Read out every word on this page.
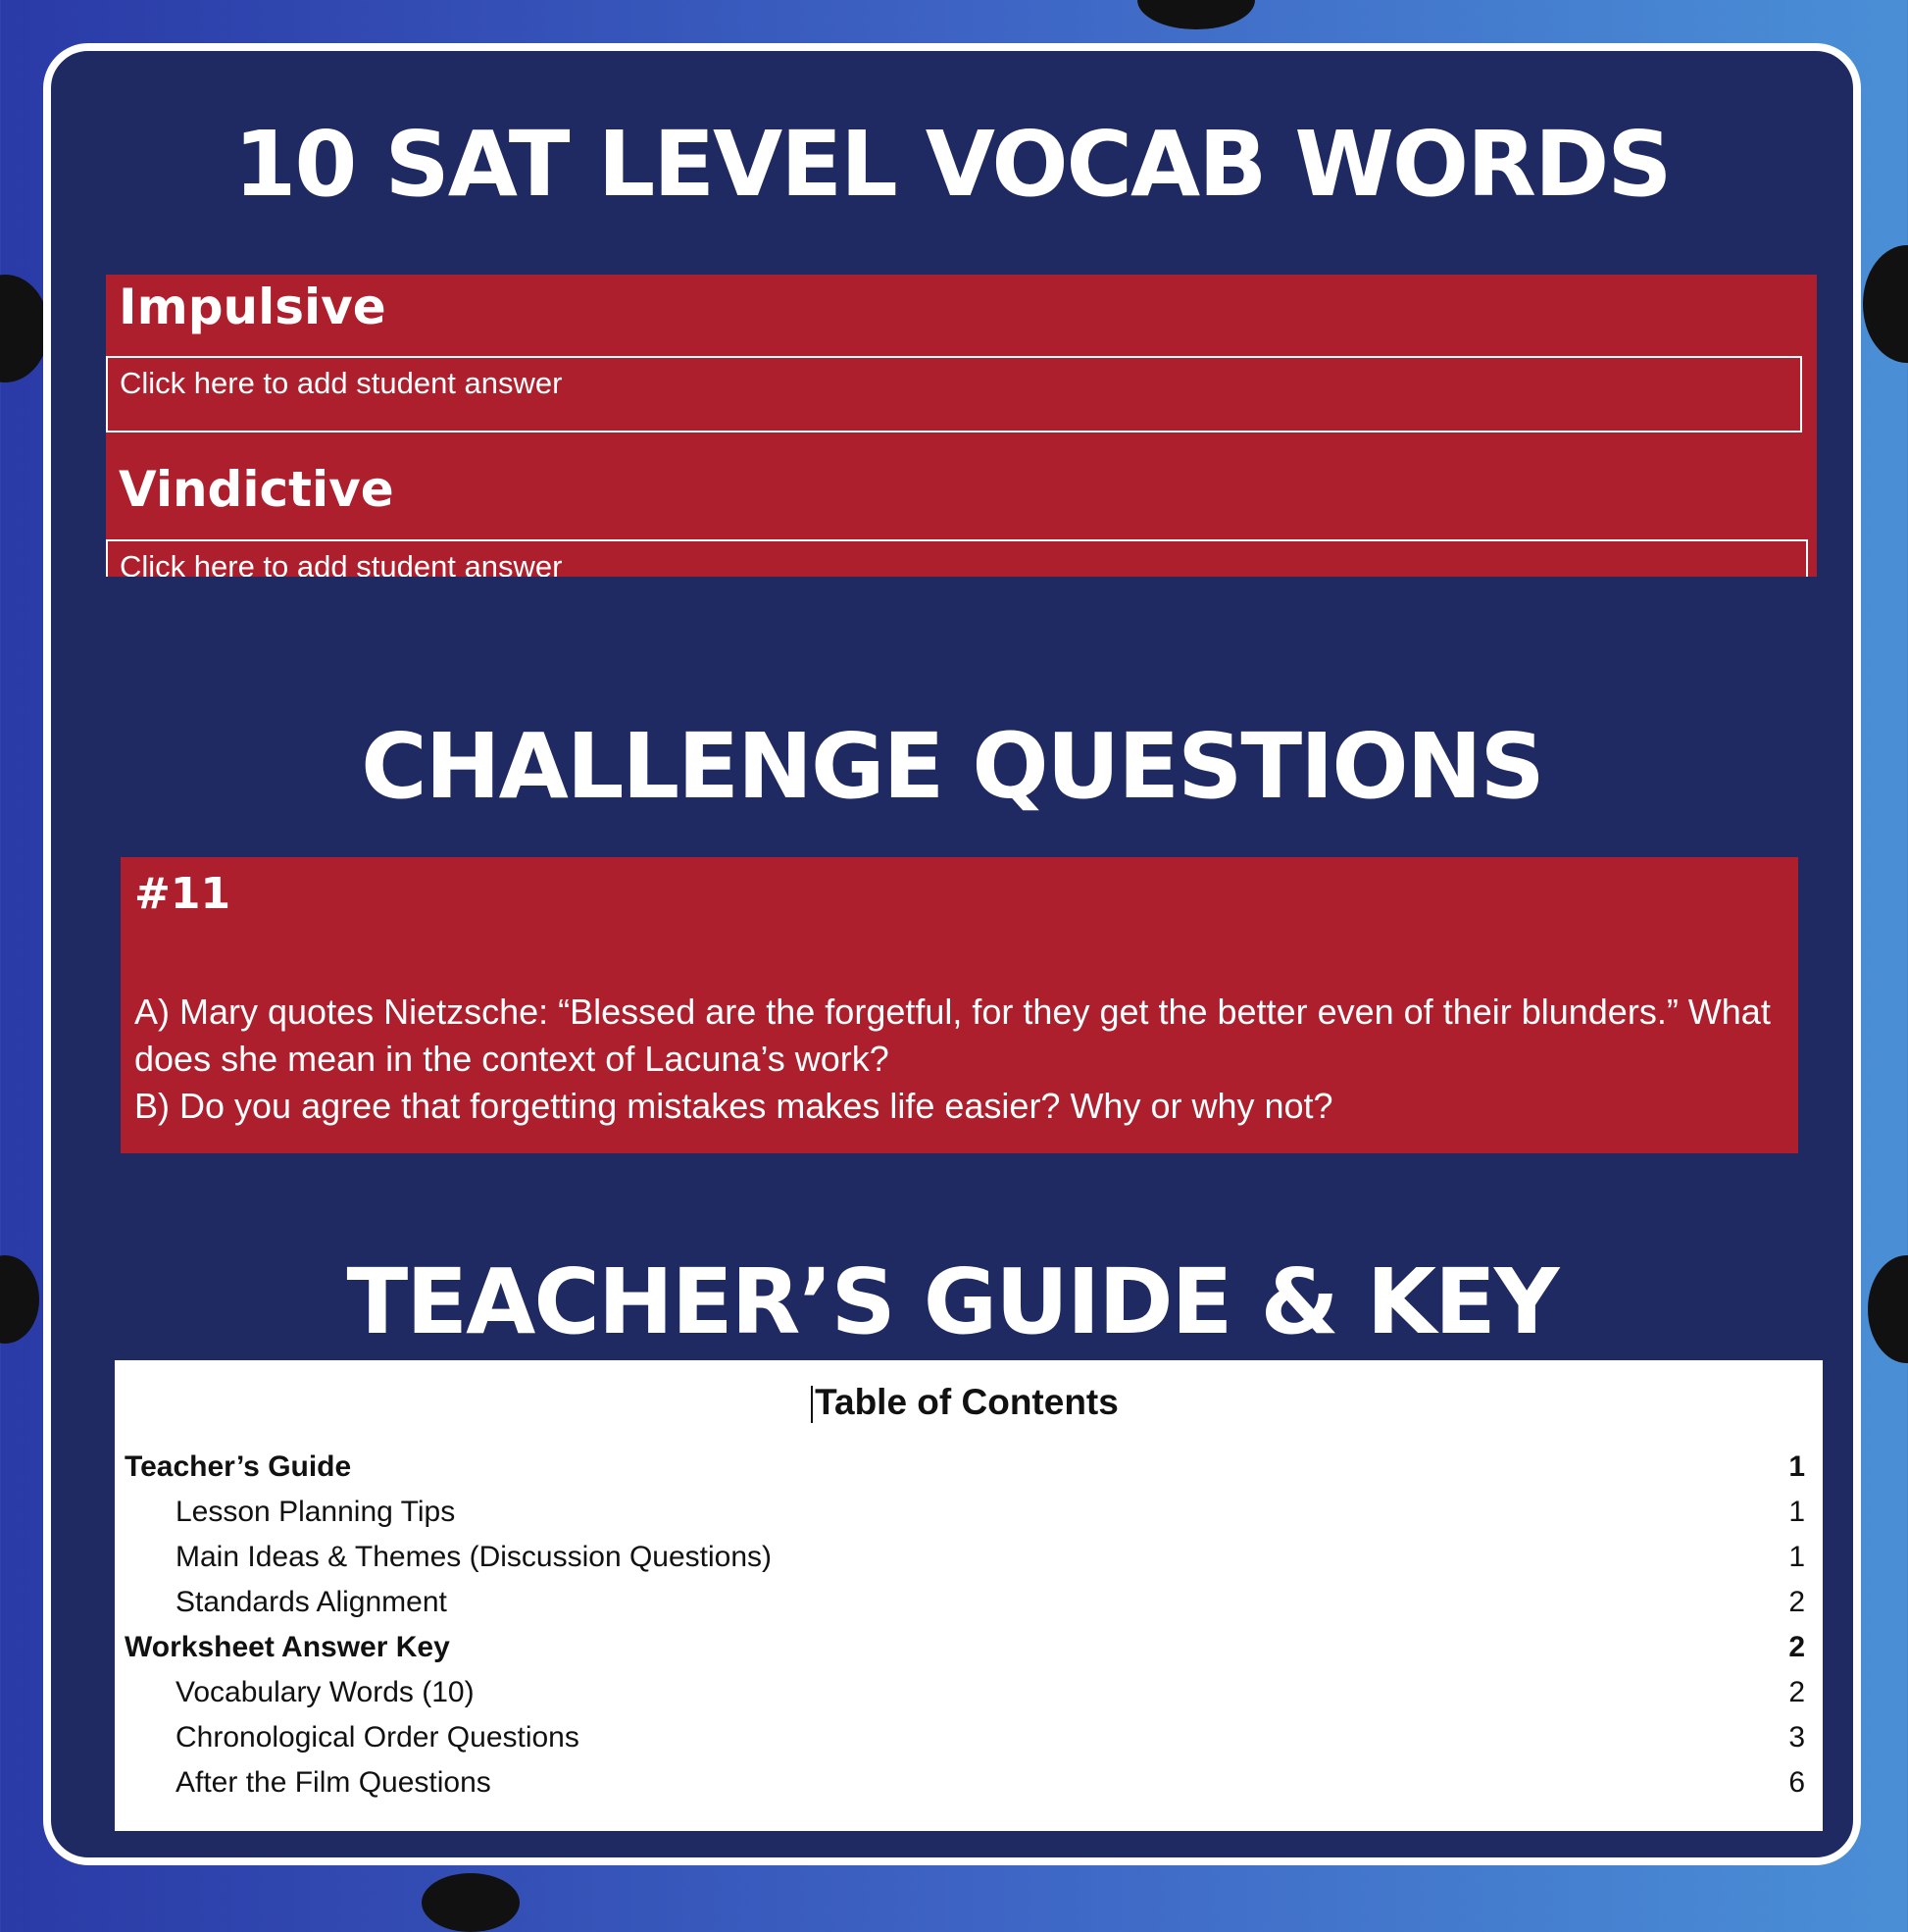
10 SAT LEVEL VOCAB WORDS
Impulsive
Click here to add student answer
Vindictive
Click here to add student answer
CHALLENGE QUESTIONS
#11
A) Mary quotes Nietzsche: “Blessed are the forgetful, for they get the better even of their blunders.” What does she mean in the context of Lacuna’s work?
B) Do you agree that forgetting mistakes makes life easier? Why or why not?
TEACHER’S GUIDE & KEY
Table of Contents
Teacher’s Guide	1
Lesson Planning Tips	1
Main Ideas & Themes (Discussion Questions)	1
Standards Alignment	2
Worksheet Answer Key	2
Vocabulary Words (10)	2
Chronological Order Questions	3
After the Film Questions	6
